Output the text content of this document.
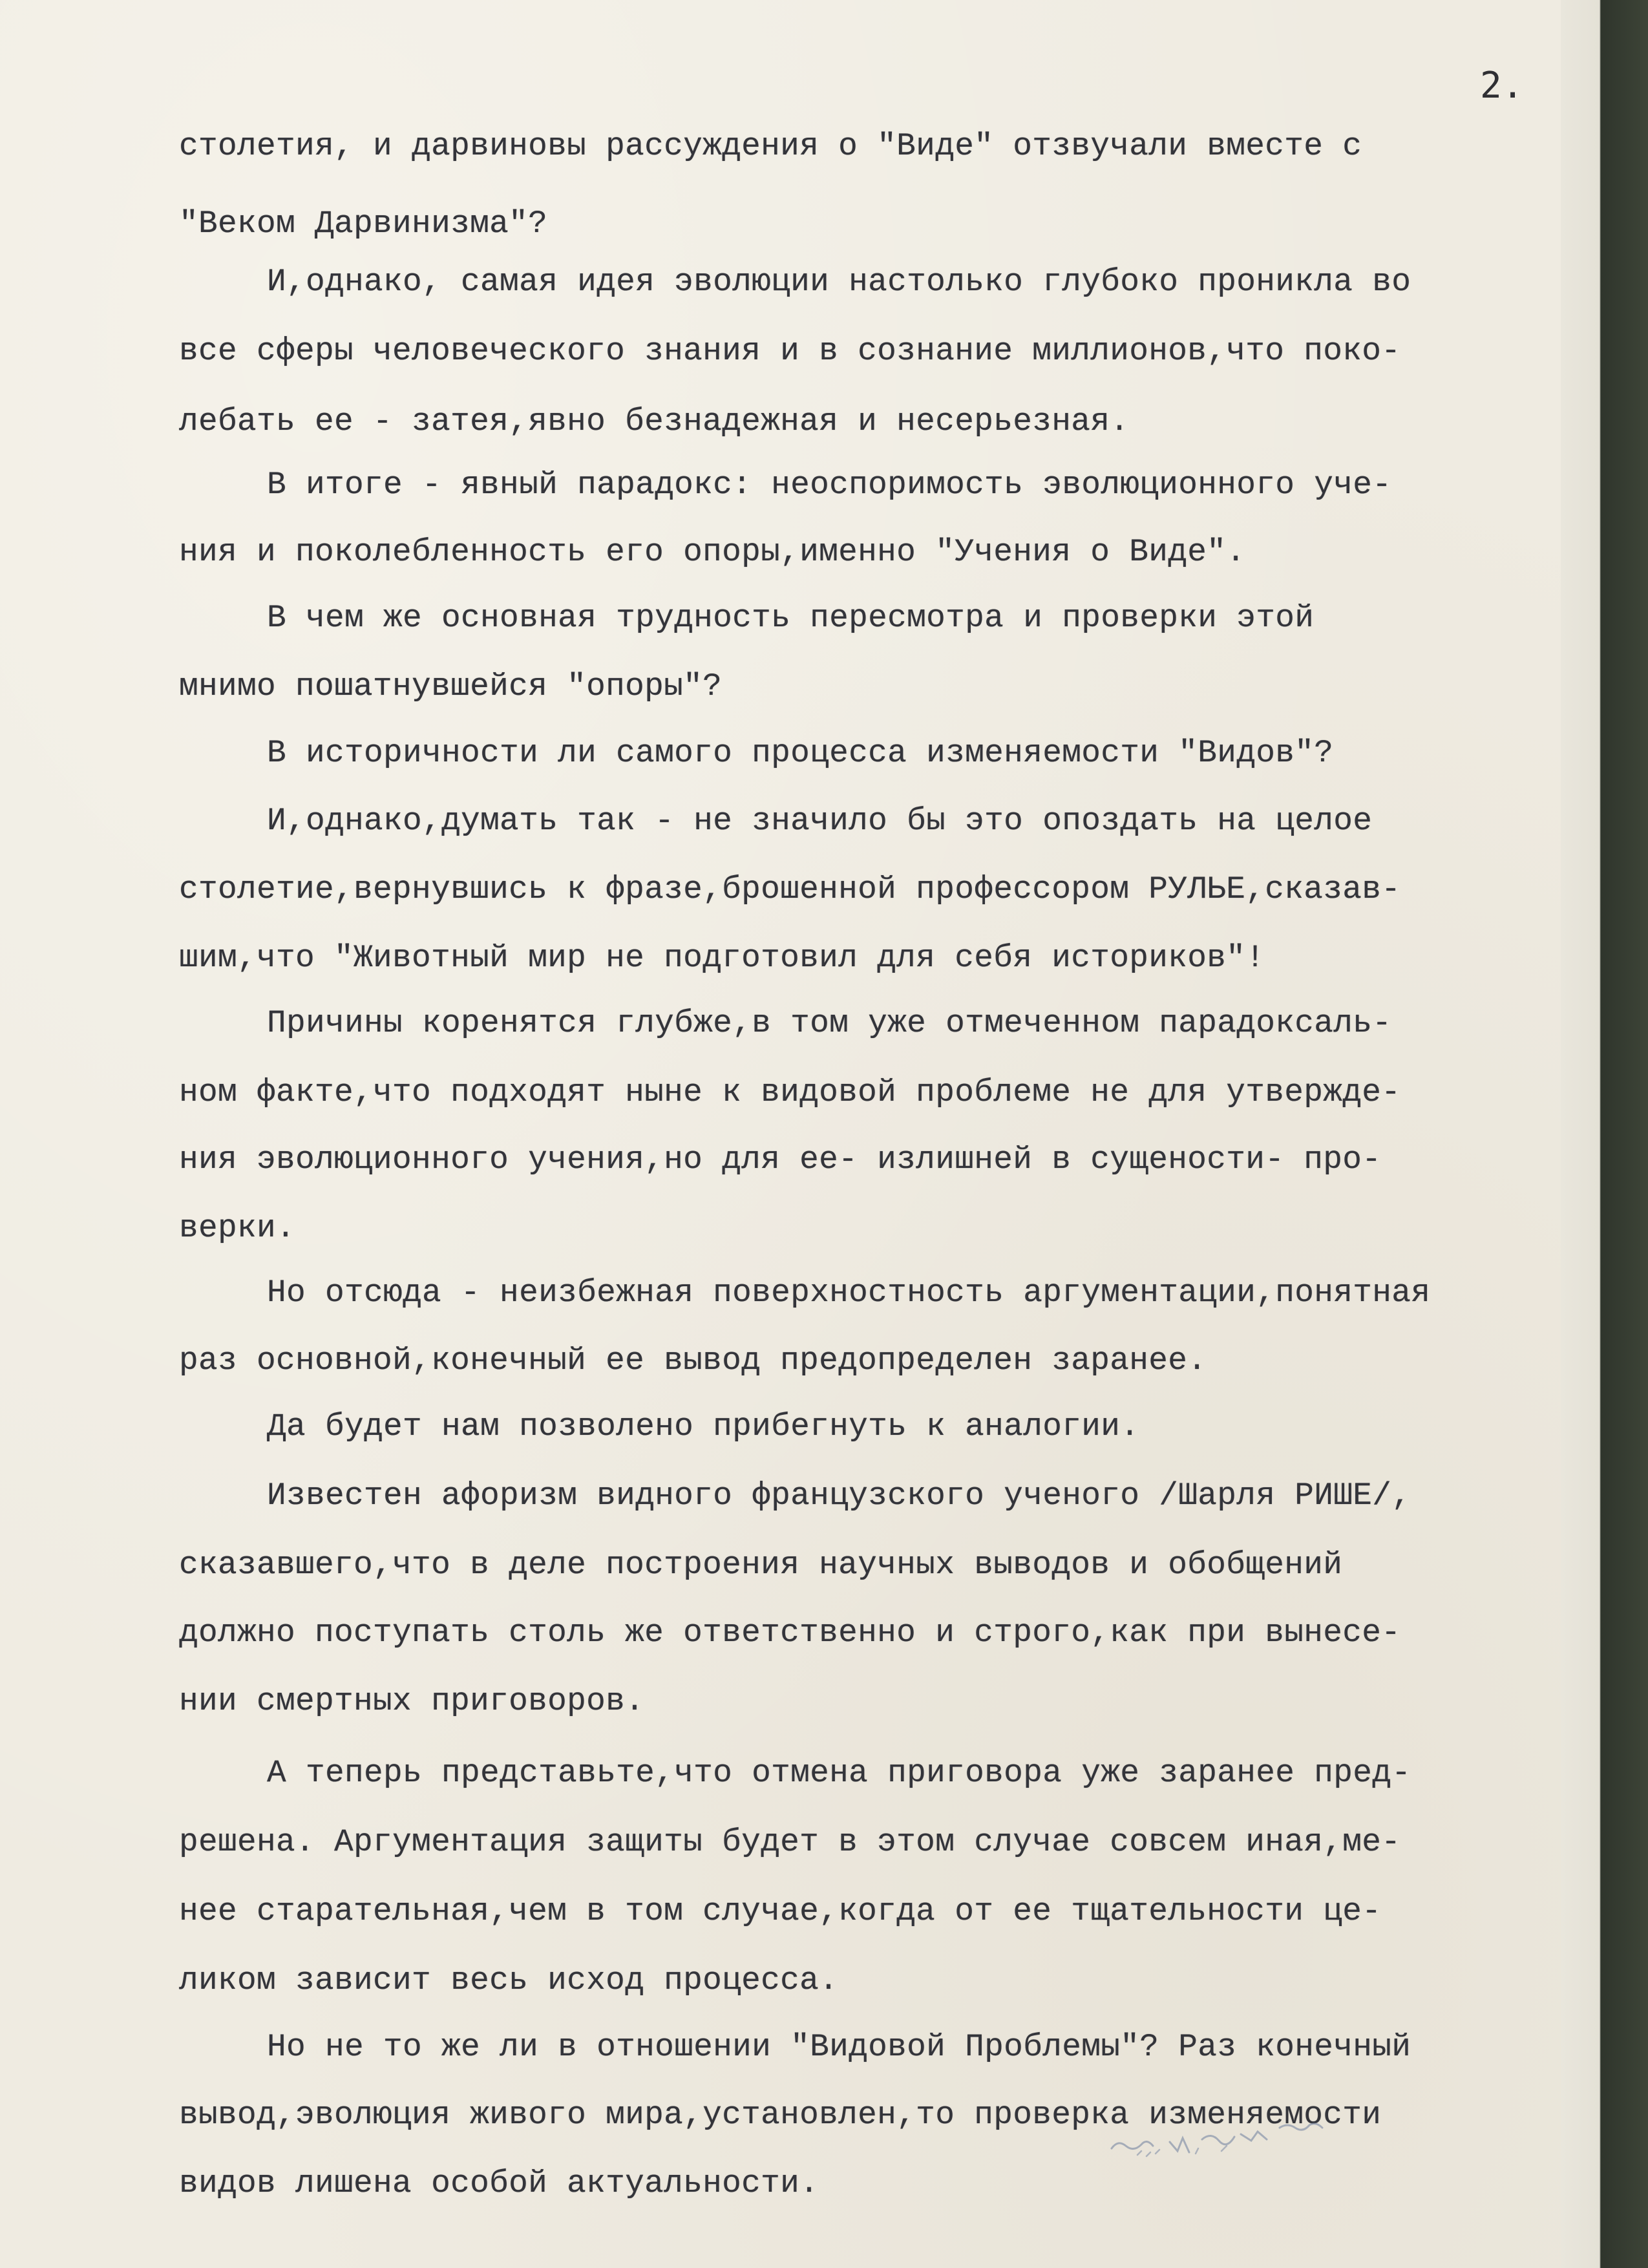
2.

столетия, и дарвиновы рассуждения о "Виде" отзвучали вместе с

"Веком Дарвинизма"?

И,однако, самая идея эволюции настолько глубоко проникла во

все сферы человеческого знания и в сознание миллионов,что поко-

лебать ее - затея,явно безнадежная и несерьезная.

В итоге - явный парадокс: неоспоримость эволюционного уче-

ния и поколебленность его опоры,именно "Учения о Виде".

В чем же основная трудность пересмотра и проверки этой

мнимо пошатнувшейся "опоры"?

В историчности ли самого процесса изменяемости "Видов"?

И,однако,думать так - не значило бы это опоздать на целое

столетие,вернувшись к фразе,брошенной профессором РУЛЬЕ,сказав-

шим,что "Животный мир не подготовил для себя историков"!

Причины коренятся глубже,в том уже отмеченном парадоксаль-

ном факте,что подходят ныне к видовой проблеме не для утвержде-

ния эволюционного учения,но для ее- излишней в сущености- про-

верки.

Но отсюда - неизбежная поверхностность аргументации,понятная

раз основной,конечный ее вывод предопределен заранее.

Да будет нам позволено прибегнуть к аналогии.

Известен афоризм видного французского ученого /Шарля РИШЕ/,

сказавшего,что в деле построения научных выводов и обобщений

должно поступать столь же ответственно и строго,как при вынесе-

нии смертных приговоров.

А теперь представьте,что отмена приговора уже заранее пред-

решена. Аргументация защиты будет в этом случае совсем иная,ме-

нее старательная,чем в том случае,когда от ее тщательности це-

ликом зависит весь исход процесса.

Но не то же ли в отношении "Видовой Проблемы"? Раз конечный

вывод,эволюция живого мира,установлен,то проверка изменяемости

видов лишена особой актуальности.
